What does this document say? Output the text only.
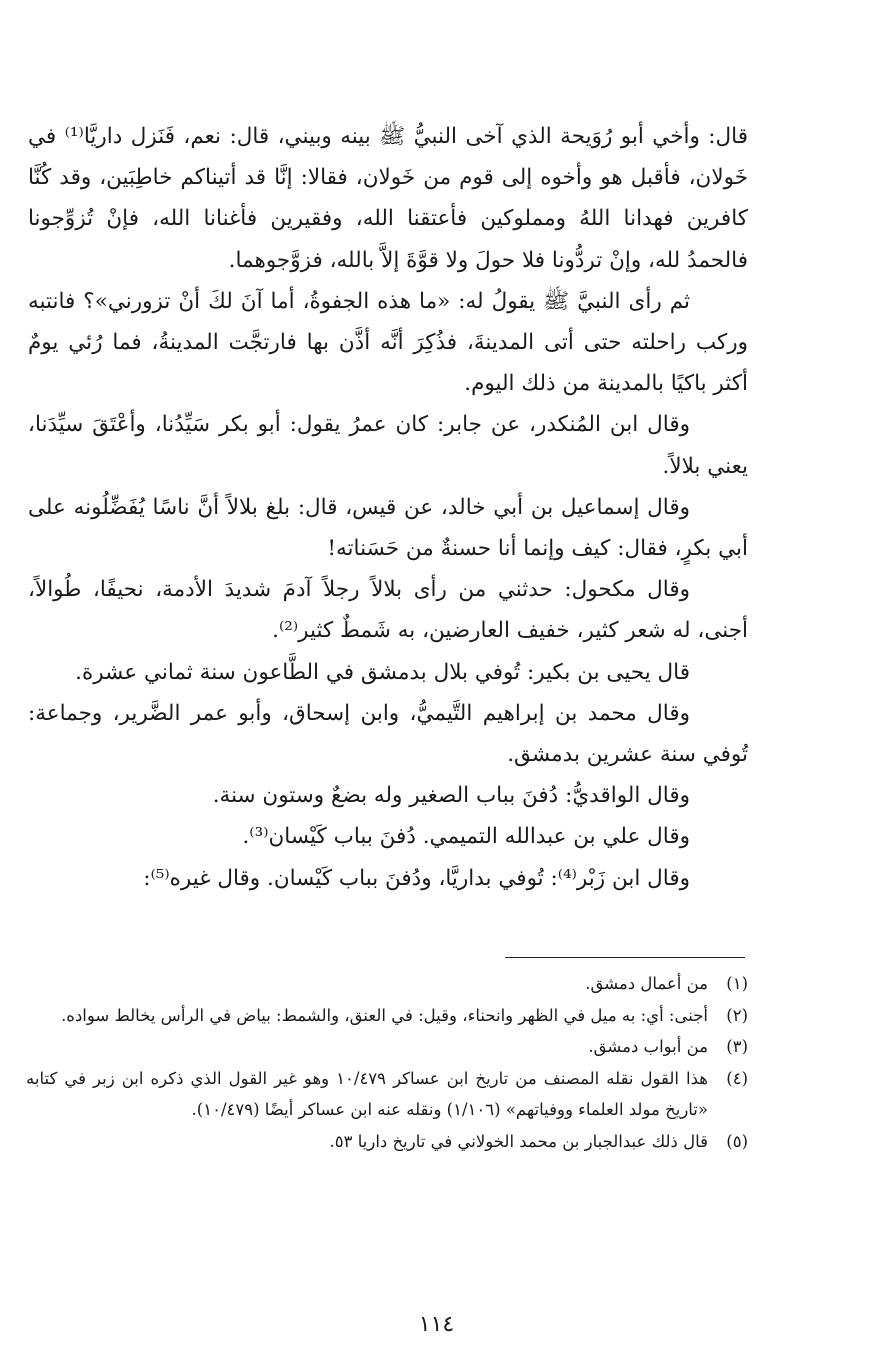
قال: وأخي أبو رُوَيحة الذي آخى النبيُّ ﷺ بينه وبيني، قال: نعم، فَنَزل داريَّا⁽¹⁾ في خَولان، فأقبل هو وأخوه إلى قوم من خَولان، فقالا: إنَّا قد أتيناكم خاطِبَين، وقد كُنَّا كافرين فهدانا اللهُ ومملوكين فأعتقنا الله، وفقيرين فأغنانا الله، فإنْ تُزوِّجونا فالحمدُ لله، وإنْ تردُّونا فلا حولَ ولا قوَّةَ إلاَّ بالله، فزوَّجوهما.

ثم رأى النبيَّ ﷺ يقولُ له: «ما هذه الجفوةُ، أما آنَ لكَ أنْ تزورني»؟ فانتبه وركب راحلته حتى أتى المدينةَ، فذُكِرَ أنَّه أذَّن بها فارتجَّت المدينةُ، فما رُئي يومٌ أكثر باكيًا بالمدينة من ذلك اليوم.

وقال ابن المُنكدر، عن جابر: كان عمرُ يقول: أبو بكر سَيِّدُنا، وأعْتَقَ سيِّدَنا، يعني بلالاً.

وقال إسماعيل بن أبي خالد، عن قيس، قال: بلغ بلالاً أنَّ ناسًا يُفَضِّلُونه على أبي بكرٍ، فقال: كيف وإنما أنا حسنةٌ من حَسَناته!

وقال مكحول: حدثني من رأى بلالاً رجلاً آدمَ شديدَ الأدمة، نحيفًا، طُوالاً، أجنى، له شعر كثير، خفيف العارضين، به شَمطٌ كثير⁽²⁾.

قال يحيى بن بكير: تُوفي بلال بدمشق في الطَّاعون سنة ثماني عشرة.

وقال محمد بن إبراهيم التَّيميُّ، وابن إسحاق، وأبو عمر الضَّرير، وجماعة: تُوفي سنة عشرين بدمشق.

وقال الواقديُّ: دُفنَ بباب الصغير وله بضعٌ وستون سنة.

وقال علي بن عبدالله التميمي. دُفنَ بباب كَيْسان⁽³⁾.

وقال ابن زَبْر⁽⁴⁾: تُوفي بداريَّا، ودُفنَ بباب كَيْسان. وقال غيره⁽⁵⁾:

(١)
من أعمال دمشق.
(٢)
أجنى: أي: به ميل في الظهر وانحناء، وقيل: في العنق، والشمط: بياض في الرأس يخالط سواده.
(٣)
من أبواب دمشق.
(٤)
هذا القول نقله المصنف من تاريخ ابن عساكر ١٠/٤٧٩ وهو غير القول الذي ذكره ابن زبر في كتابه «تاريخ مولد العلماء ووفياتهم» (١/١٠٦) ونقله عنه ابن عساكر أيضًا (١٠/٤٧٩).
(٥)
قال ذلك عبدالجبار بن محمد الخولاني في تاريخ داريا ٥٣.
١١٤
